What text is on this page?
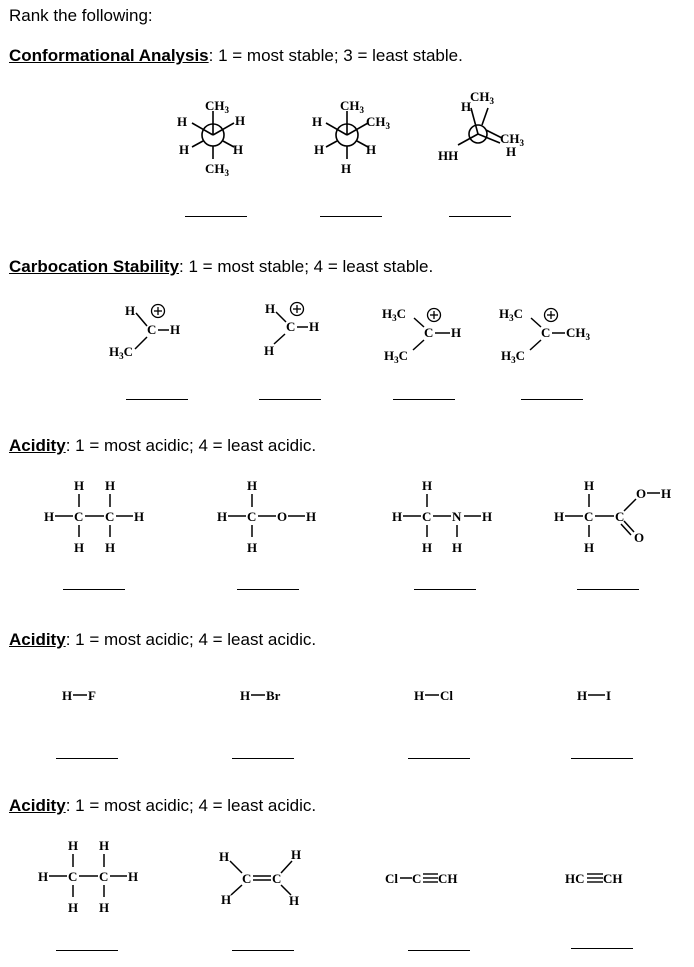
Rank the following:
Conformational Analysis: 1 = most stable; 3 = least stable.
$CH_3$
H	H
H	H
$CH_3$
$CH_3$
H	$CH_3$
H	H
H
$CH_3$
H
$CH_3$
H
HH
Carbocation Stability: 1 = most stable; 4 = least stable.
H
C H
$H_3C$
H
C H
H
$H_3C$
C H
$H_3C$
$H_3C$
C $CH_3$
$H_3C$
Acidity: 1 = most acidic; 4 = least acidic.
H H
H C C H
H H
H
H C O H
H
H
H C N H
H H
H
H C C
O H
O
H
Acidity: 1 = most acidic; 4 = least acidic.
H F	H Br	H Cl	H I
Acidity: 1 = most acidic; 4 = least acidic.
H H
H C C H
H H
H
C C
H
H	H
Cl C CH	HC CH
